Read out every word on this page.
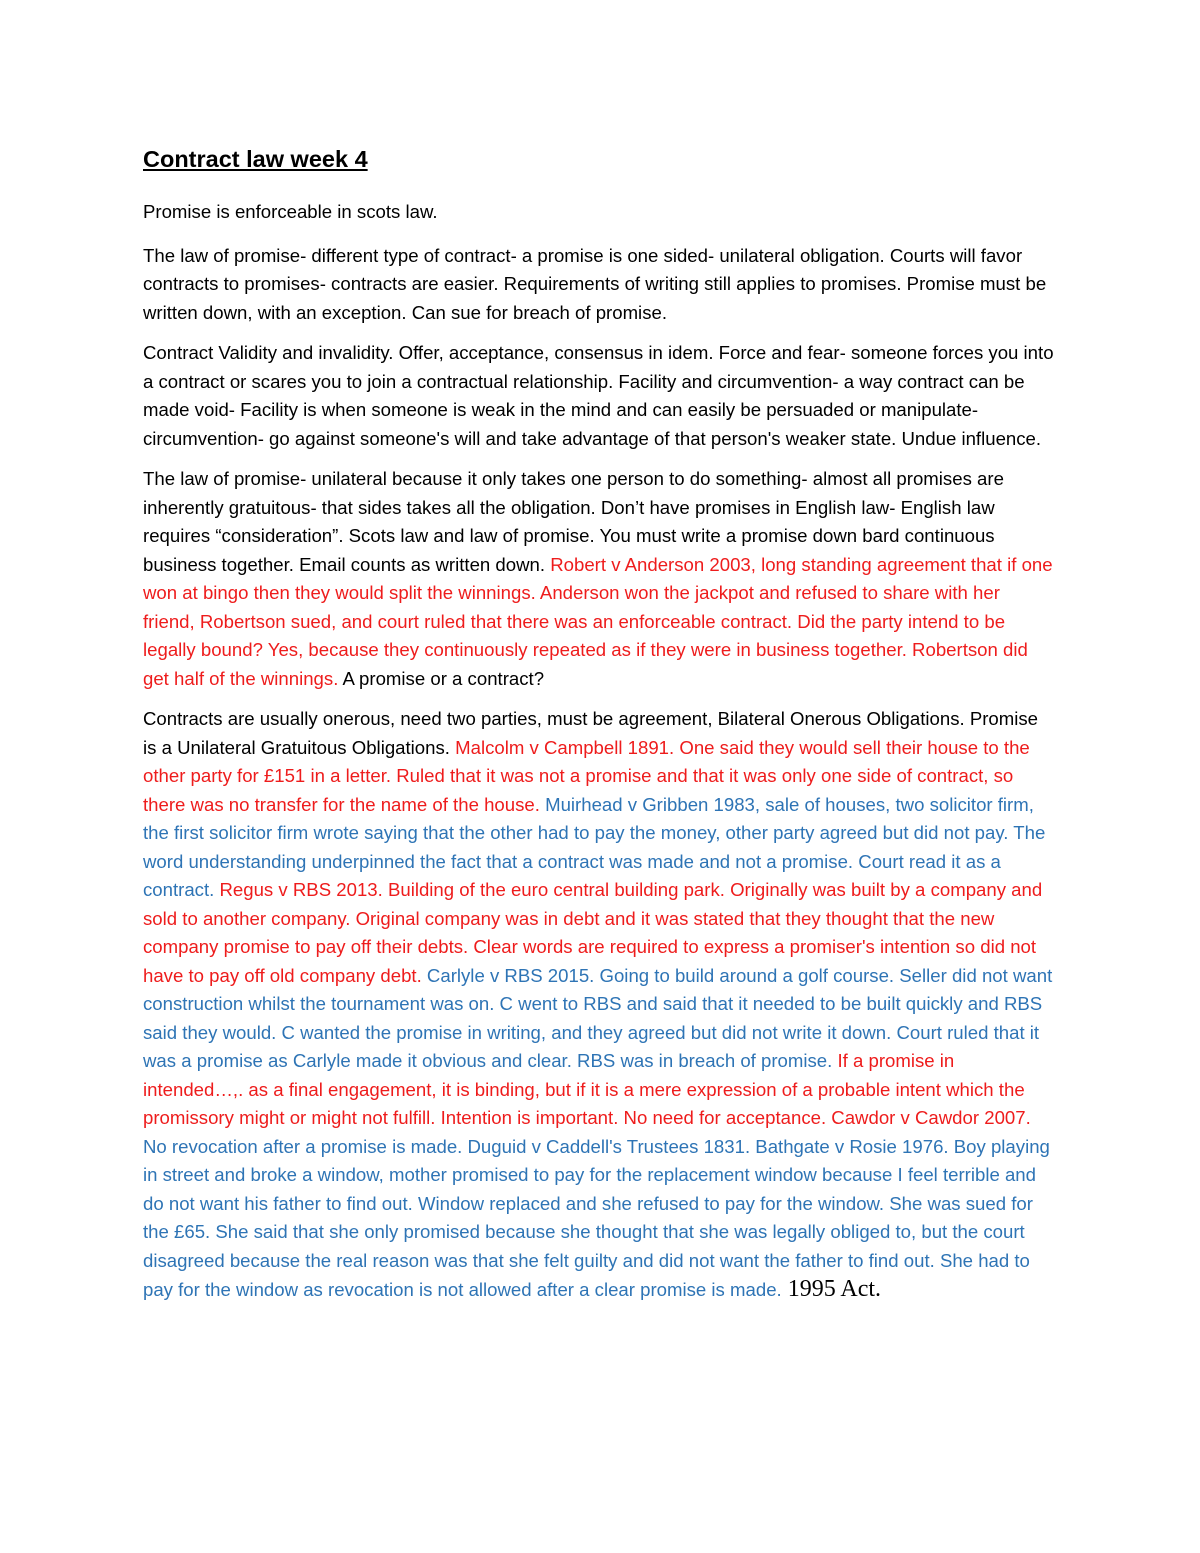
Contract law week 4

Promise is enforceable in scots law.

The law of promise- different type of contract- a promise is one sided- unilateral obligation. Courts will favor contracts to promises- contracts are easier. Requirements of writing still applies to promises. Promise must be written down, with an exception. Can sue for breach of promise.

Contract Validity and invalidity. Offer, acceptance, consensus in idem. Force and fear- someone forces you into a contract or scares you to join a contractual relationship. Facility and circumvention- a way contract can be made void- Facility is when someone is weak in the mind and can easily be persuaded or manipulate-circumvention- go against someone's will and take advantage of that person's weaker state. Undue influence.

The law of promise- unilateral because it only takes one person to do something- almost all promises are inherently gratuitous- that sides takes all the obligation. Don’t have promises in English law- English law requires “consideration”. Scots law and law of promise. You must write a promise down bard continuous business together. Email counts as written down. Robert v Anderson 2003, long standing agreement that if one won at bingo then they would split the winnings. Anderson won the jackpot and refused to share with her friend, Robertson sued, and court ruled that there was an enforceable contract. Did the party intend to be legally bound? Yes, because they continuously repeated as if they were in business together. Robertson did get half of the winnings. A promise or a contract?

Contracts are usually onerous, need two parties, must be agreement, Bilateral Onerous Obligations. Promise is a Unilateral Gratuitous Obligations. Malcolm v Campbell 1891. One said they would sell their house to the other party for £151 in a letter. Ruled that it was not a promise and that it was only one side of contract, so there was no transfer for the name of the house. Muirhead v Gribben 1983, sale of houses, two solicitor firm, the first solicitor firm wrote saying that the other had to pay the money, other party agreed but did not pay. The word understanding underpinned the fact that a contract was made and not a promise. Court read it as a contract. Regus v RBS 2013. Building of the euro central building park. Originally was built by a company and sold to another company. Original company was in debt and it was stated that they thought that the new company promise to pay off their debts. Clear words are required to express a promiser's intention so did not have to pay off old company debt. Carlyle v RBS 2015. Going to build around a golf course. Seller did not want construction whilst the tournament was on. C went to RBS and said that it needed to be built quickly and RBS said they would. C wanted the promise in writing, and they agreed but did not write it down. Court ruled that it was a promise as Carlyle made it obvious and clear. RBS was in breach of promise. If a promise in intended…,. as a final engagement, it is binding, but if it is a mere expression of a probable intent which the promissory might or might not fulfill. Intention is important. No need for acceptance. Cawdor v Cawdor 2007. No revocation after a promise is made. Duguid v Caddell's Trustees 1831. Bathgate v Rosie 1976. Boy playing in street and broke a window, mother promised to pay for the replacement window because I feel terrible and do not want his father to find out. Window replaced and she refused to pay for the window. She was sued for the £65. She said that she only promised because she thought that she was legally obliged to, but the court disagreed because the real reason was that she felt guilty and did not want the father to find out. She had to pay for the window as revocation is not allowed after a clear promise is made. 1995 Act.
